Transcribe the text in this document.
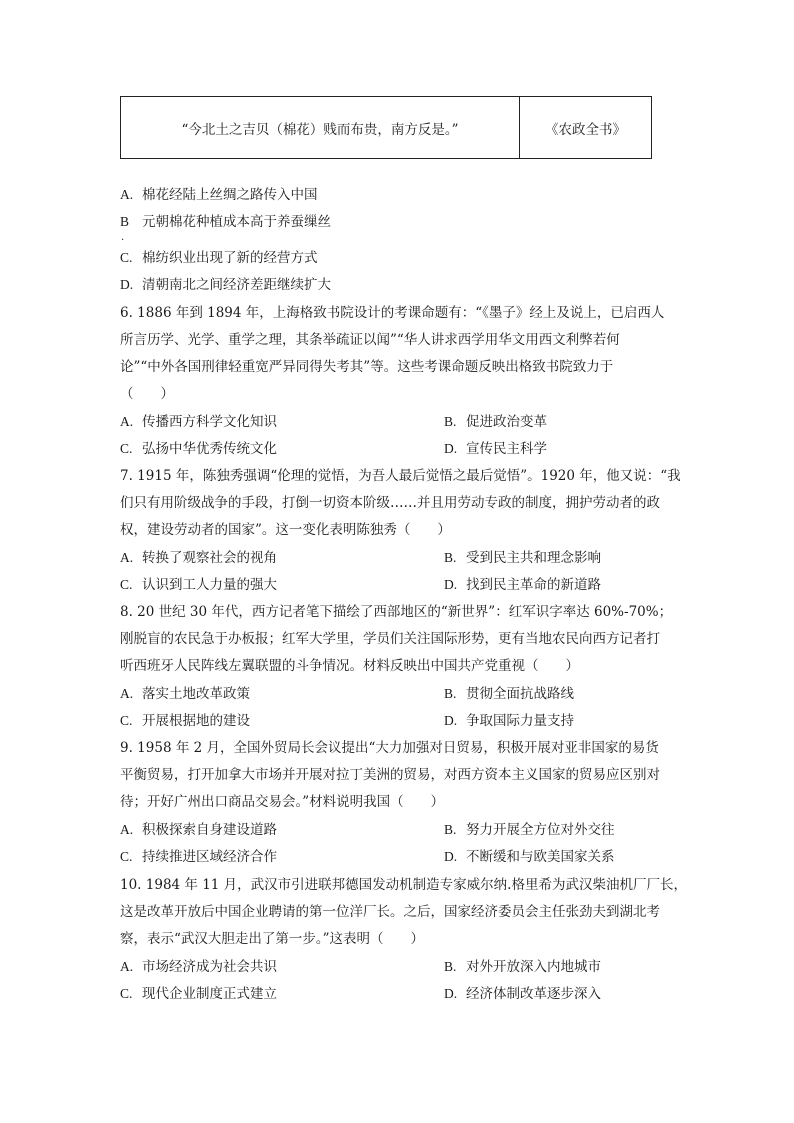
“今北土之吉贝（棉花）贱而布贵，南方反是。”	《农政全书》
A. 棉花经陆上丝绸之路传入中国
B 元朝棉花种植成本高于养蚕缫丝
.
C. 棉纺织业出现了新的经营方式
D. 清朝南北之间经济差距继续扩大
6. 1886 年到 1894 年，上海格致书院设计的考课命题有：“《墨子》经上及说上，已启西人
所言历学、光学、重学之理，其条举疏证以闻”“华人讲求西学用华文用西文利弊若何
论”“中外各国刑律轻重宽严异同得失考其”等。这些考课命题反映出格致书院致力于
（　　）
A. 传播西方科学文化知识	B. 促进政治变革
C. 弘扬中华优秀传统文化	D. 宣传民主科学
7. 1915 年，陈独秀强调“伦理的觉悟，为吾人最后觉悟之最后觉悟”。1920 年，他又说：“我
们只有用阶级战争的手段，打倒一切资本阶级……并且用劳动专政的制度，拥护劳动者的政
权，建设劳动者的国家”。这一变化表明陈独秀（　　）
A. 转换了观察社会的视角	B. 受到民主共和理念影响
C. 认识到工人力量的强大	D. 找到民主革命的新道路
8. 20 世纪 30 年代，西方记者笔下描绘了西部地区的“新世界”：红军识字率达 60%-70%；
刚脱盲的农民急于办板报；红军大学里，学员们关注国际形势，更有当地农民向西方记者打
听西班牙人民阵线左翼联盟的斗争情况。材料反映出中国共产党重视（　　）
A. 落实土地改革政策	B. 贯彻全面抗战路线
C. 开展根据地的建设	D. 争取国际力量支持
9. 1958 年 2 月，全国外贸局长会议提出“大力加强对日贸易，积极开展对亚非国家的易货
平衡贸易，打开加拿大市场并开展对拉丁美洲的贸易，对西方资本主义国家的贸易应区别对
待；开好广州出口商品交易会。”材料说明我国（　　）
A. 积极探索自身建设道路	B. 努力开展全方位对外交往
C. 持续推进区域经济合作	D. 不断缓和与欧美国家关系
10. 1984 年 11 月，武汉市引进联邦德国发动机制造专家威尔纳.格里希为武汉柴油机厂厂长，
这是改革开放后中国企业聘请的第一位洋厂长。之后，国家经济委员会主任张劲夫到湖北考
察，表示“武汉大胆走出了第一步。”这表明（　　）
A. 市场经济成为社会共识	B. 对外开放深入内地城市
C. 现代企业制度正式建立	D. 经济体制改革逐步深入
